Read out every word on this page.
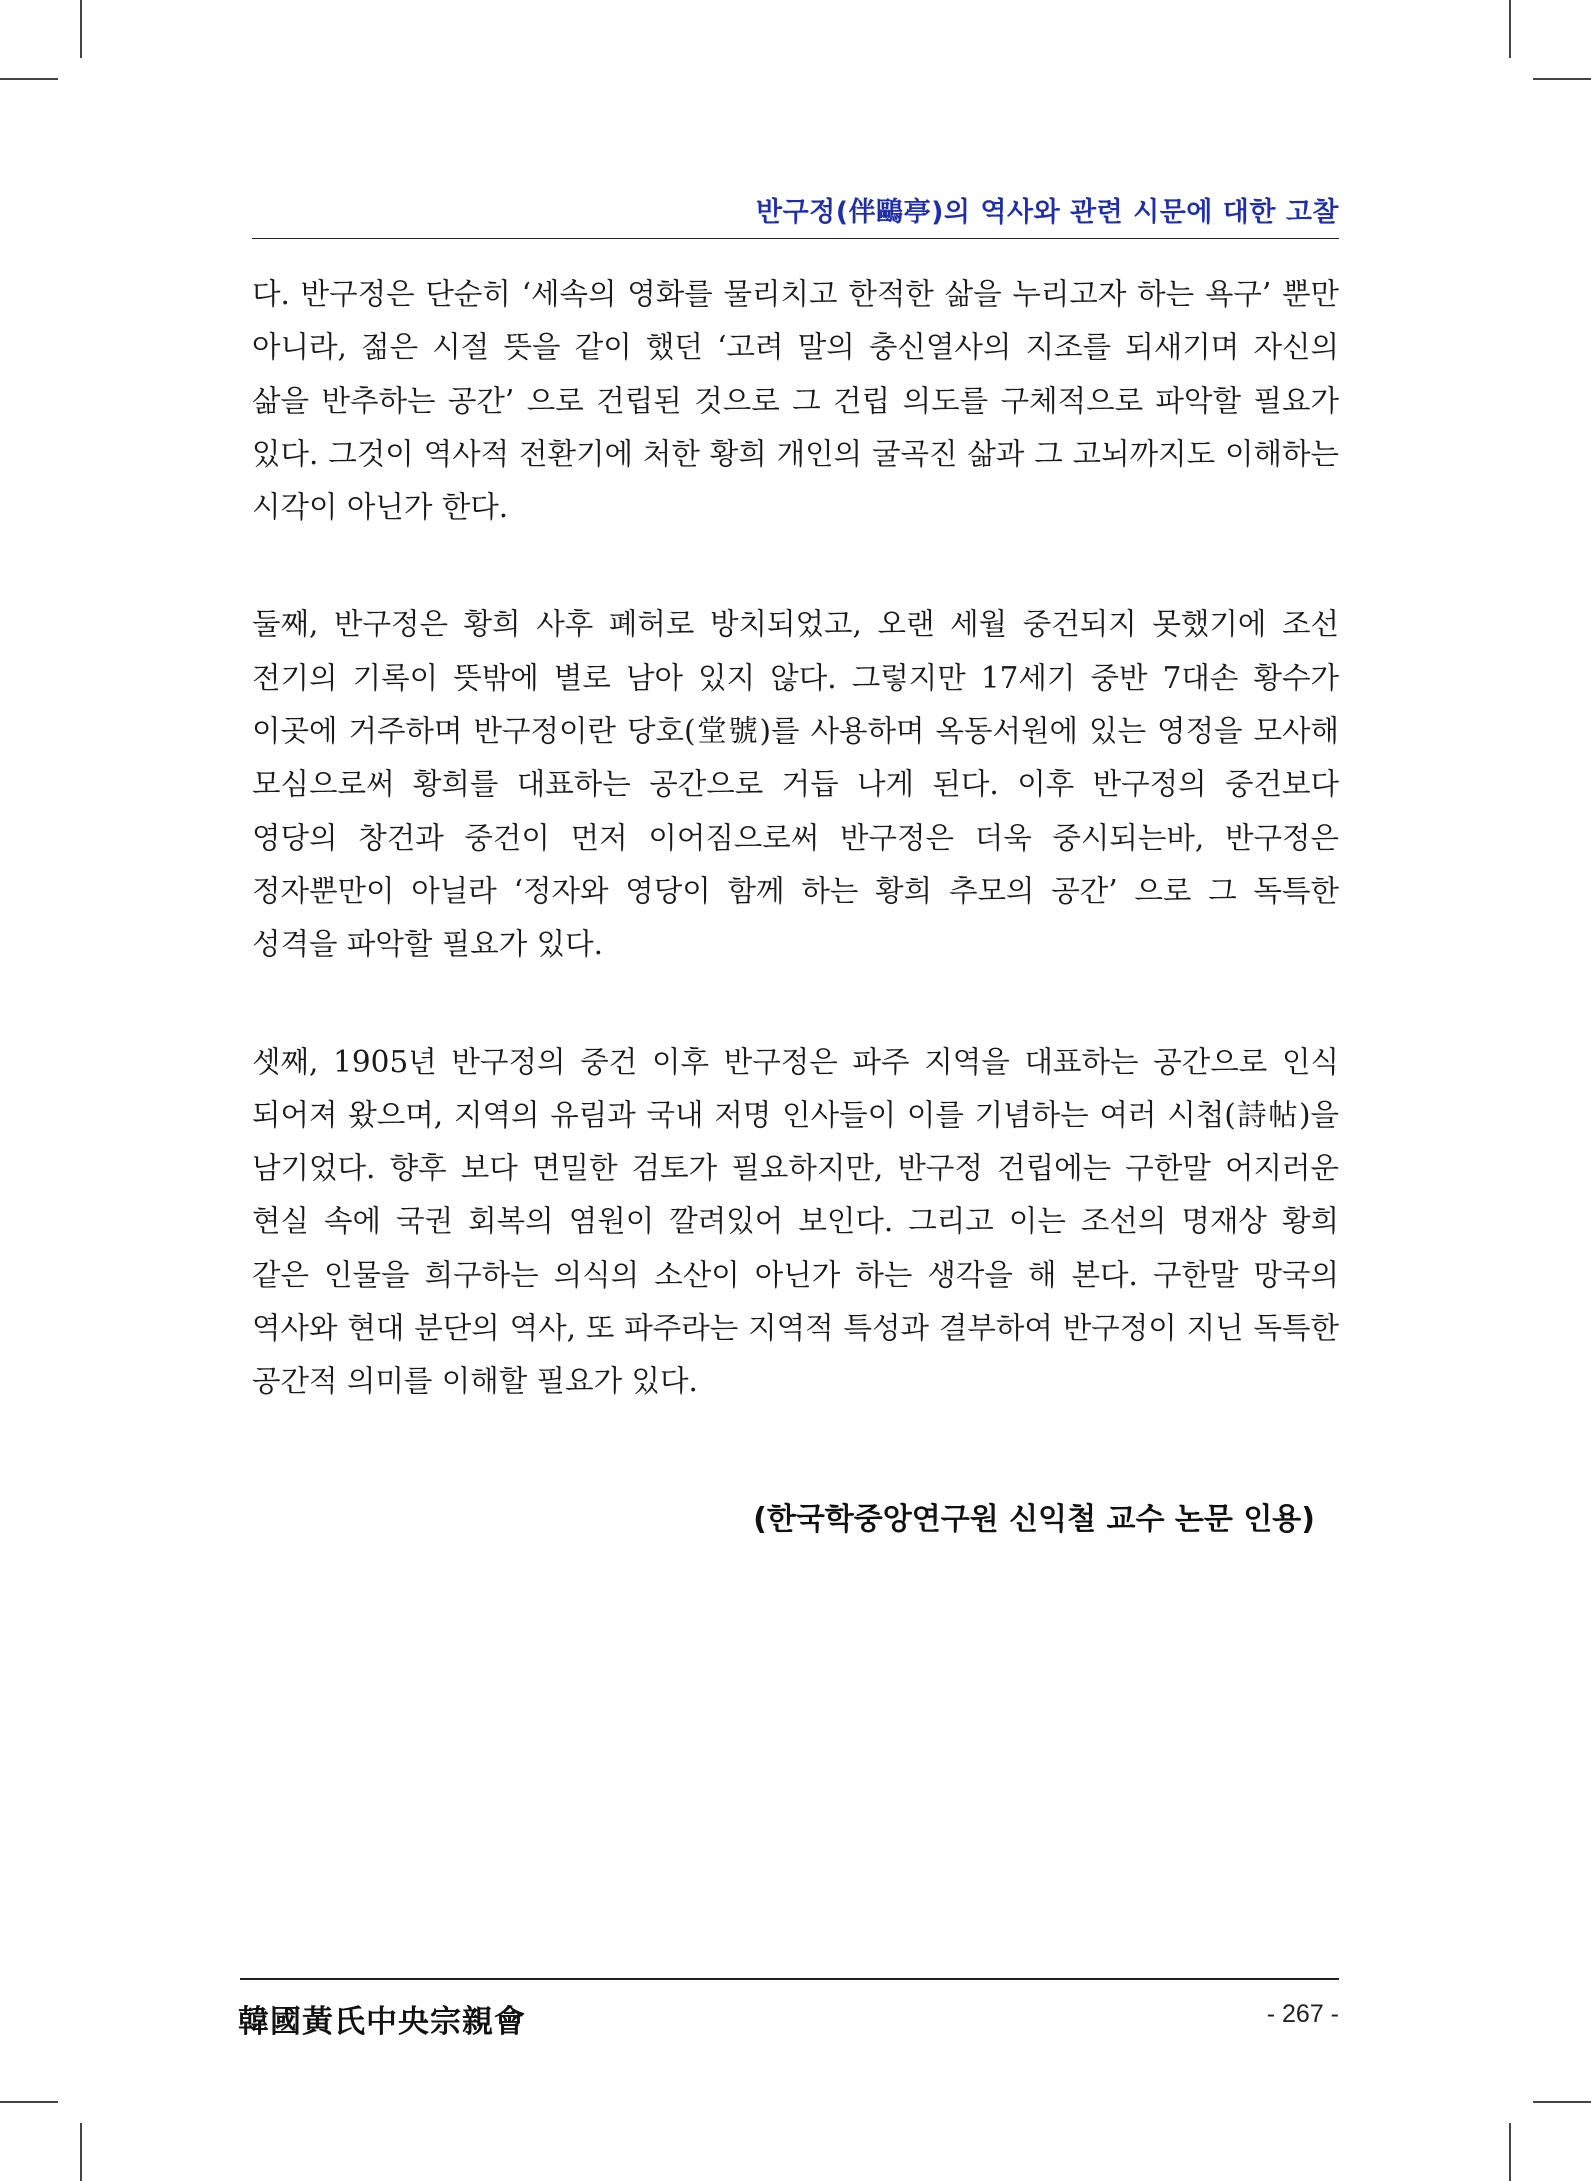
반구정(伴鷗亭)의 역사와 관련 시문에 대한 고찰

다. 반구정은 단순히 ‘세속의 영화를 물리치고 한적한 삶을 누리고자 하는 욕구’ 뿐만 아니라, 젊은 시절 뜻을 같이 했던 ‘고려 말의 충신열사의 지조를 되새기며 자신의 삶을 반추하는 공간’ 으로 건립된 것으로 그 건립 의도를 구체적으로 파악할 필요가 있다. 그것이 역사적 전환기에 처한 황희 개인의 굴곡진 삶과 그 고뇌까지도 이해하는 시각이 아닌가 한다.

둘째, 반구정은 황희 사후 폐허로 방치되었고, 오랜 세월 중건되지 못했기에 조선 전기의 기록이 뜻밖에 별로 남아 있지 않다. 그렇지만 17세기 중반 7대손 황수가 이곳에 거주하며 반구정이란 당호(堂號)를 사용하며 옥동서원에 있는 영정을 모사해 모심으로써 황희를 대표하는 공간으로 거듭 나게 된다. 이후 반구정의 중건보다 영당의 창건과 중건이 먼저 이어짐으로써 반구정은 더욱 중시되는바, 반구정은 정자뿐만이 아닐라 ‘정자와 영당이 함께 하는 황희 추모의 공간’ 으로 그 독특한 성격을 파악할 필요가 있다.

셋째, 1905년 반구정의 중건 이후 반구정은 파주 지역을 대표하는 공간으로 인식 되어져 왔으며, 지역의 유림과 국내 저명 인사들이 이를 기념하는 여러 시첩(詩帖)을 남기었다. 향후 보다 면밀한 검토가 필요하지만, 반구정 건립에는 구한말 어지러운 현실 속에 국권 회복의 염원이 깔려있어 보인다. 그리고 이는 조선의 명재상 황희 같은 인물을 희구하는 의식의 소산이 아닌가 하는 생각을 해 본다. 구한말 망국의 역사와 현대 분단의 역사, 또 파주라는 지역적 특성과 결부하여 반구정이 지닌 독특한 공간적 의미를 이해할 필요가 있다.

(한국학중앙연구원 신익철 교수 논문 인용)
韓國黃氏中央宗親會	- 267 -
